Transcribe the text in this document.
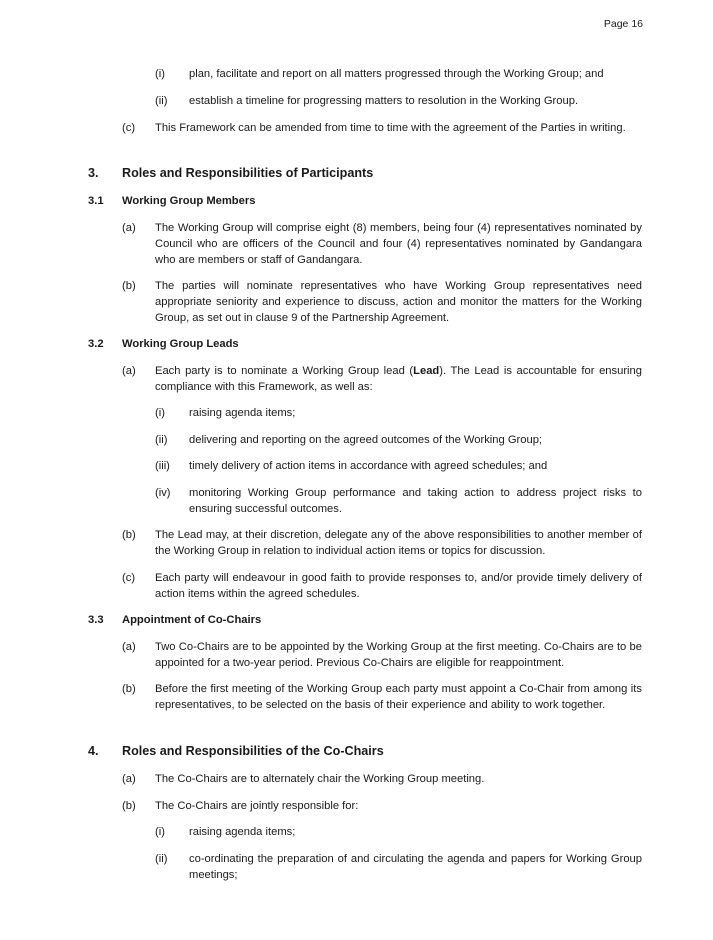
Page 16
(i) plan, facilitate and report on all matters progressed through the Working Group; and
(ii) establish a timeline for progressing matters to resolution in the Working Group.
(c) This Framework can be amended from time to time with the agreement of the Parties in writing.
3. Roles and Responsibilities of Participants
3.1 Working Group Members
(a) The Working Group will comprise eight (8) members, being four (4) representatives nominated by Council who are officers of the Council and four (4) representatives nominated by Gandangara who are members or staff of Gandangara.
(b) The parties will nominate representatives who have Working Group representatives need appropriate seniority and experience to discuss, action and monitor the matters for the Working Group, as set out in clause 9 of the Partnership Agreement.
3.2 Working Group Leads
(a) Each party is to nominate a Working Group lead (Lead). The Lead is accountable for ensuring compliance with this Framework, as well as:
(i) raising agenda items;
(ii) delivering and reporting on the agreed outcomes of the Working Group;
(iii) timely delivery of action items in accordance with agreed schedules; and
(iv) monitoring Working Group performance and taking action to address project risks to ensuring successful outcomes.
(b) The Lead may, at their discretion, delegate any of the above responsibilities to another member of the Working Group in relation to individual action items or topics for discussion.
(c) Each party will endeavour in good faith to provide responses to, and/or provide timely delivery of action items within the agreed schedules.
3.3 Appointment of Co-Chairs
(a) Two Co-Chairs are to be appointed by the Working Group at the first meeting. Co-Chairs are to be appointed for a two-year period. Previous Co-Chairs are eligible for reappointment.
(b) Before the first meeting of the Working Group each party must appoint a Co-Chair from among its representatives, to be selected on the basis of their experience and ability to work together.
4. Roles and Responsibilities of the Co-Chairs
(a) The Co-Chairs are to alternately chair the Working Group meeting.
(b) The Co-Chairs are jointly responsible for:
(i) raising agenda items;
(ii) co-ordinating the preparation of and circulating the agenda and papers for Working Group meetings;
